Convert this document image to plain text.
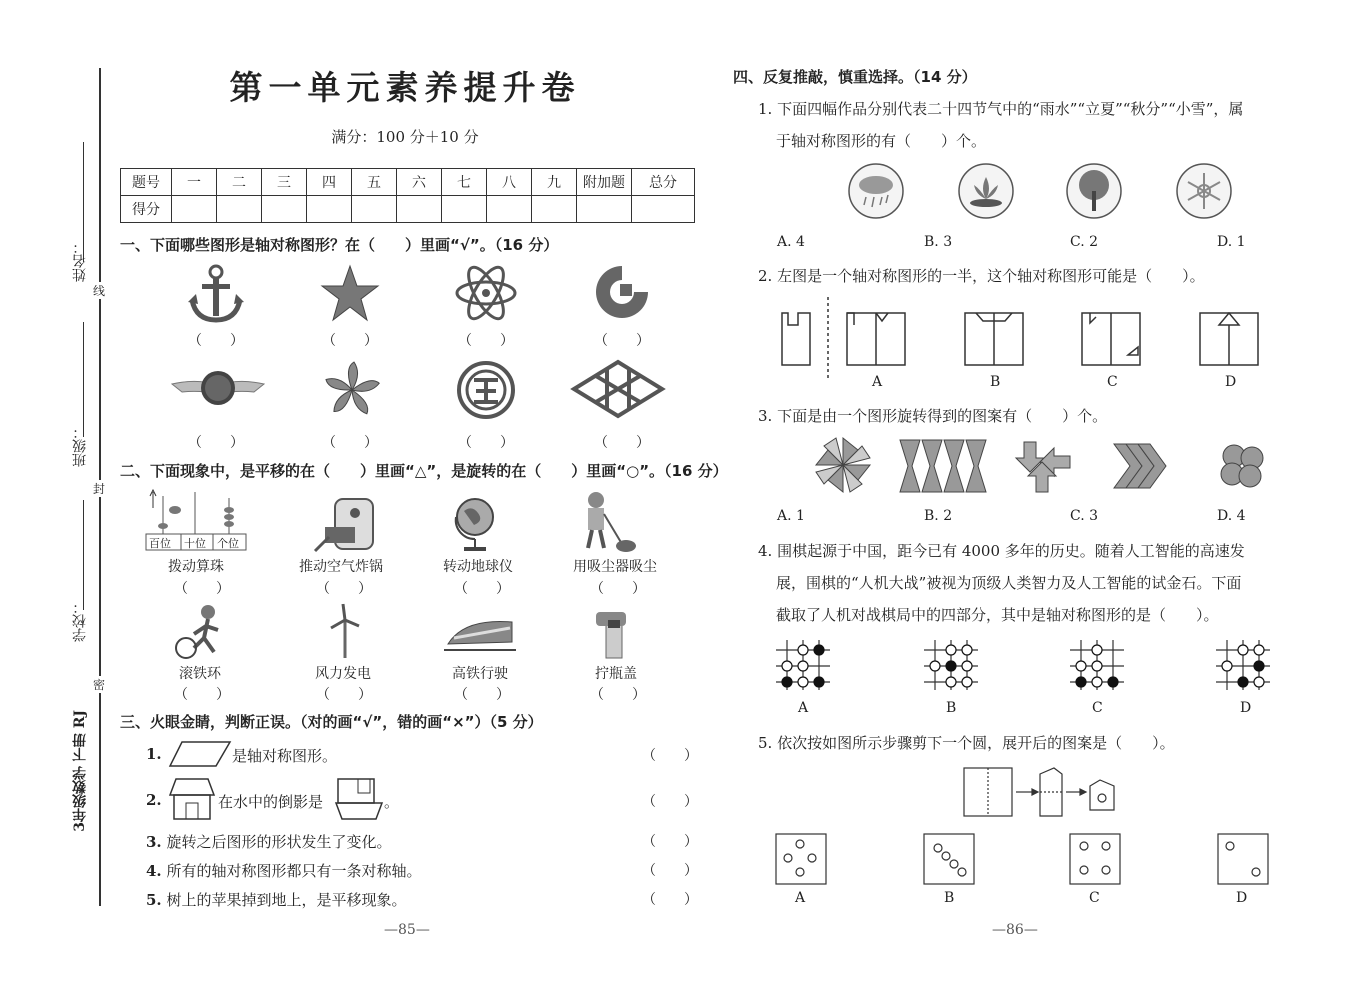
姓名：
班级：
学校：
3年级数学 下册 RJ
线
封
密
第一单元素养提升卷
满分：100 分＋10 分
题号	一	二	三	四	五	六	七	八	九	附加题	总分
得分											
一、下面哪些图形是轴对称图形？在（　　）里画“√”。（16 分）
（　　）	（　　）	（　　）	（　　）
（　　）	（　　）	（　　）	（　　）
二、下面现象中，是平移的在（　　）里画“△”，是旋转的在（　　）里画“○”。（16 分）
百位 十位 个位
拨动算珠	推动空气炸锅	转动地球仪	用吸尘器吸尘
（　　）	（　　）	（　　）	（　　）
滚铁环	风力发电	高铁行驶	拧瓶盖
（　　）	（　　）	（　　）	（　　）
三、火眼金睛，判断正误。（对的画“√”，错的画“×”）（5 分）
1.	是轴对称图形。	（　　）
2.	在水中的倒影是	。	（　　）
3. 旋转之后图形的形状发生了变化。	（　　）
4. 所有的轴对称图形都只有一条对称轴。	（　　）
5. 树上的苹果掉到地上，是平移现象。	（　　）
—85—
四、反复推敲，慎重选择。（14 分）
1. 下面四幅作品分别代表二十四节气中的“雨水”“立夏”“秋分”“小雪”，属
于轴对称图形的有（　　）个。
A. 4	B. 3	C. 2	D. 1
2. 左图是一个轴对称图形的一半，这个轴对称图形可能是（　　）。
A	B	C	D
3. 下面是由一个图形旋转得到的图案有（　　）个。
A. 1	B. 2	C. 3	D. 4
4. 围棋起源于中国，距今已有 4000 多年的历史。随着人工智能的高速发
展，围棋的“人机大战”被视为顶级人类智力及人工智能的试金石。下面
截取了人机对战棋局中的四部分，其中是轴对称图形的是（　　）。
A	B	C	D
5. 依次按如图所示步骤剪下一个圆，展开后的图案是（　　）。
A	B	C	D
—86—
